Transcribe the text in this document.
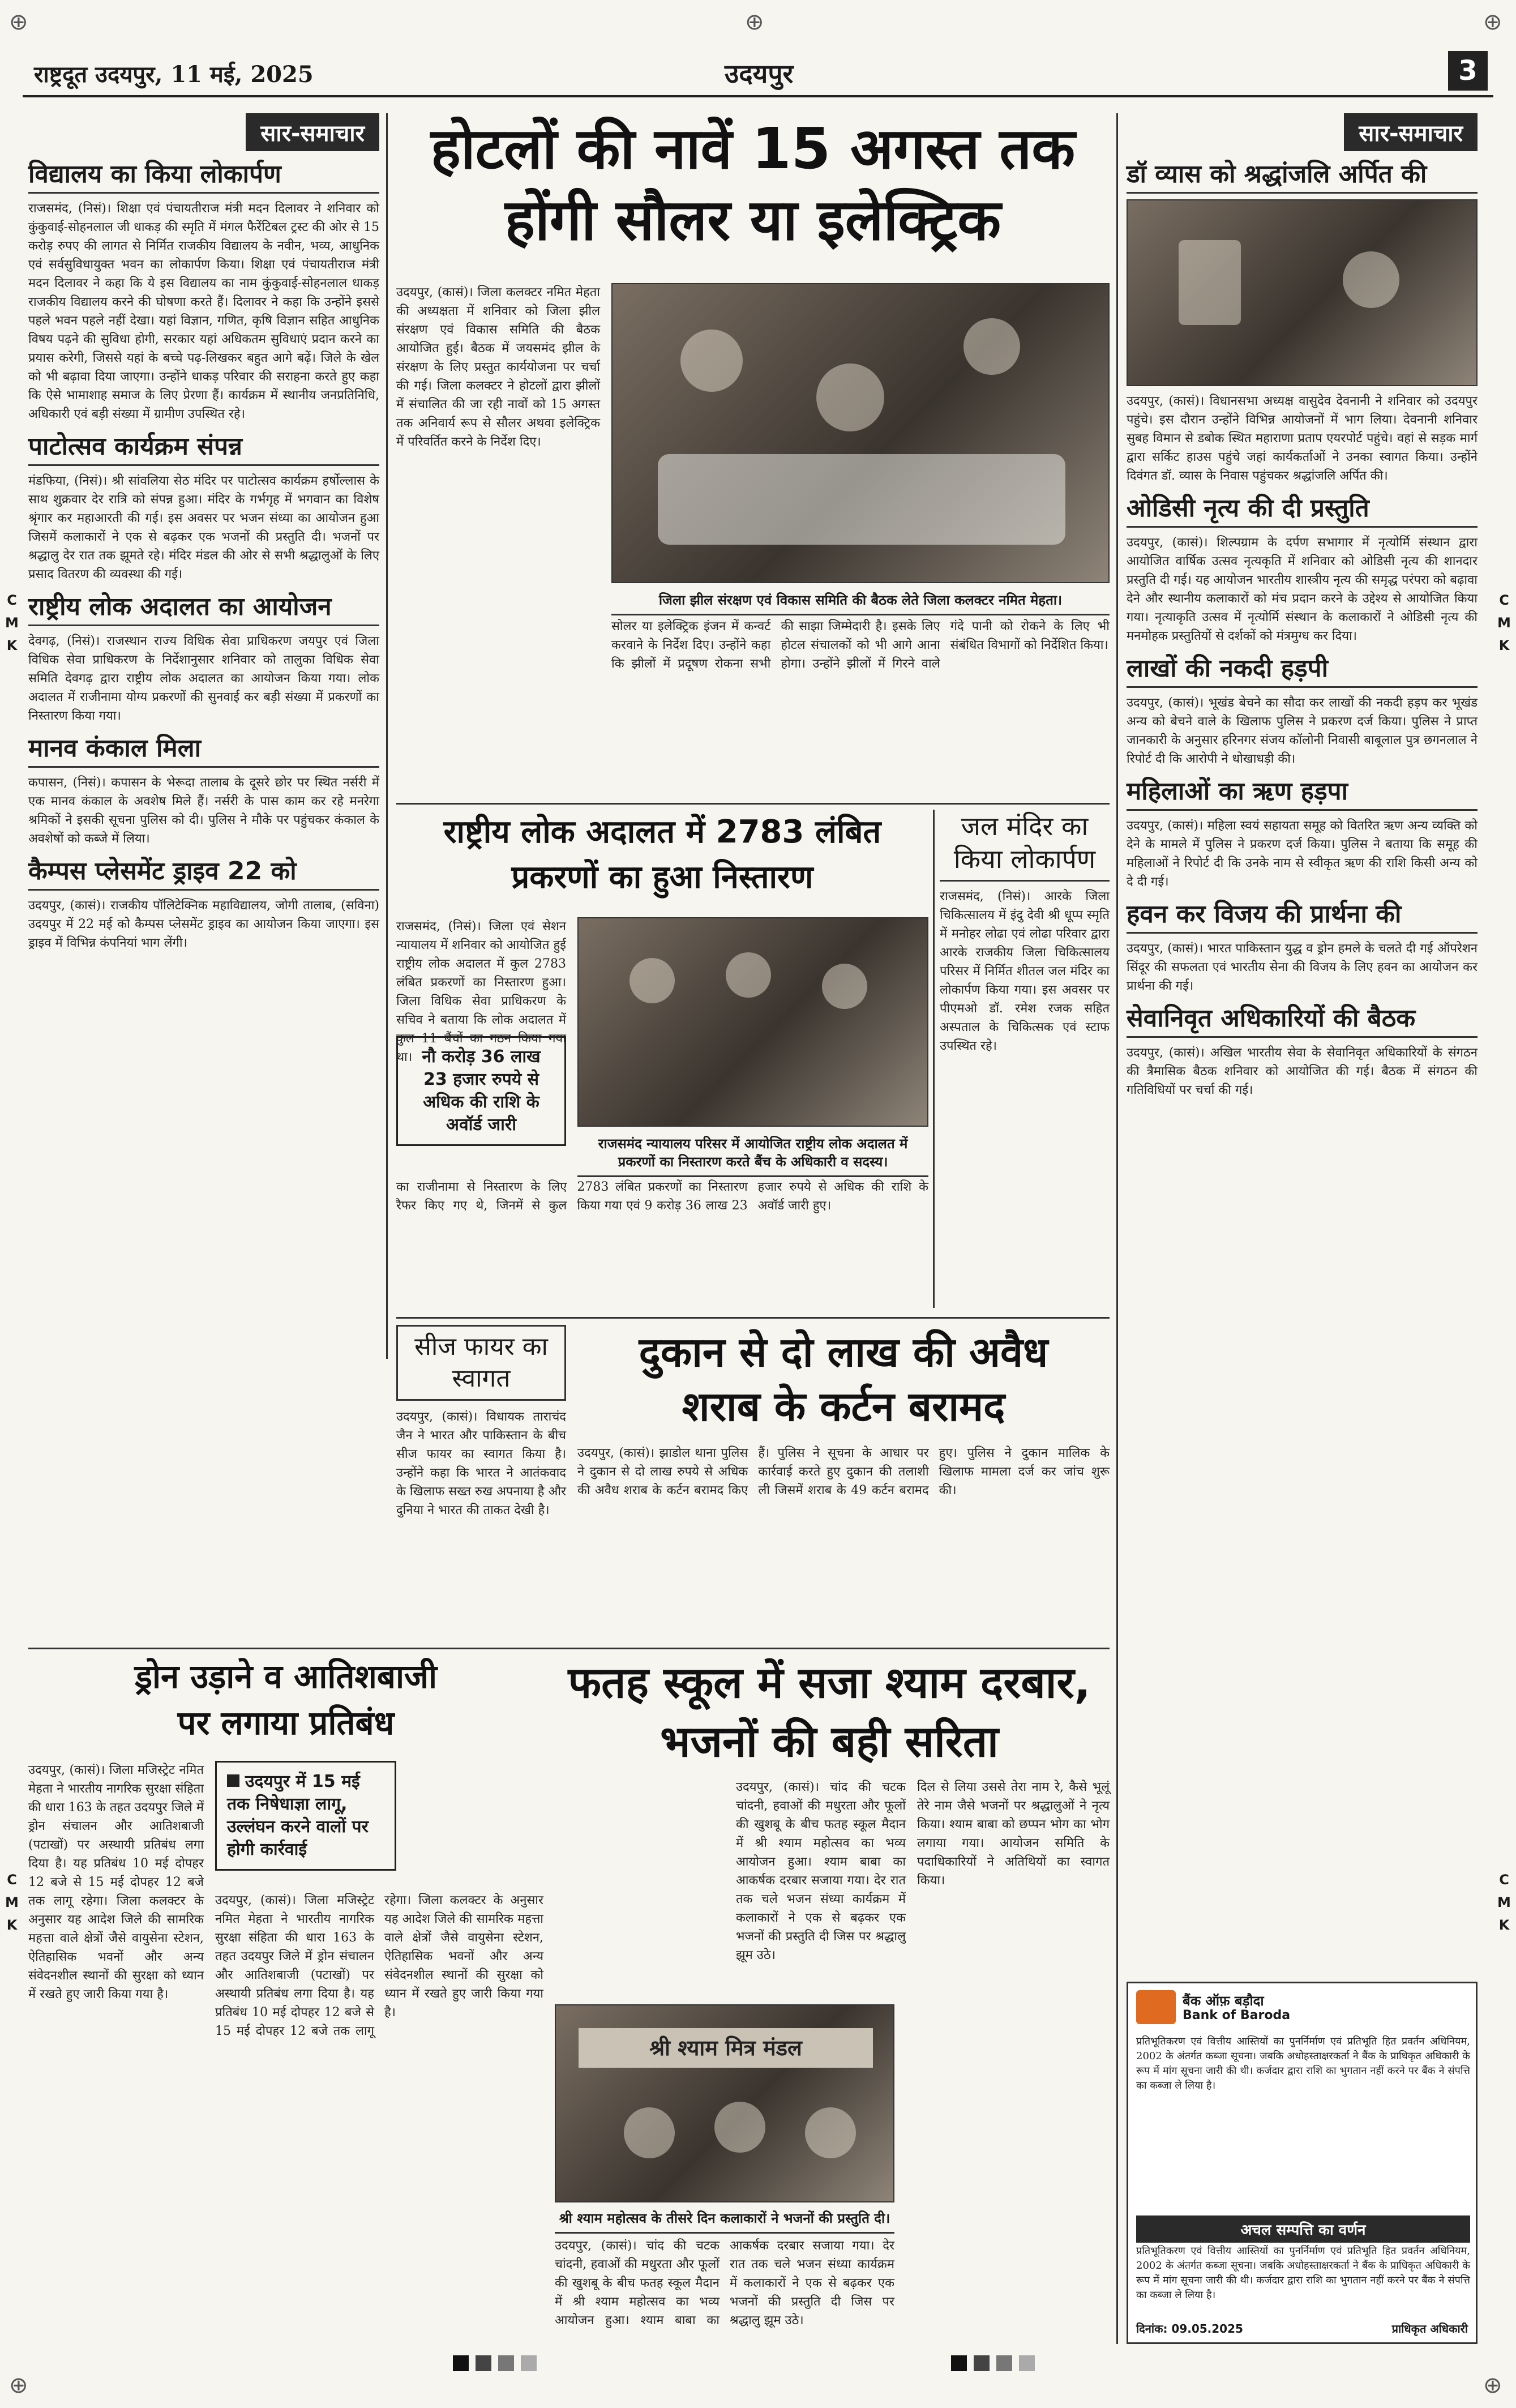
⊕	⊕	⊕
⊕	⊕
C
M
K
C
M
K
C
M
K
C
M
K
राष्ट्रदूत उदयपुर, 11 मई, 2025	उदयपुर	3
सार-समाचार
विद्यालय का किया लोकार्पण
राजसमंद, (निसं)। शिक्षा एवं पंचायतीराज मंत्री मदन दिलावर ने शनिवार को कुंकुवाई-सोहनलाल जी धाकड़ की स्मृति में मंगल फैरेंटिबल ट्रस्ट की ओर से 15 करोड़ रुपए की लागत से निर्मित राजकीय विद्यालय के नवीन, भव्य, आधुनिक एवं सर्वसुविधायुक्त भवन का लोकार्पण किया। शिक्षा एवं पंचायतीराज मंत्री मदन दिलावर ने कहा कि ये इस विद्यालय का नाम कुंकुवाई-सोहनलाल धाकड़ राजकीय विद्यालय करने की घोषणा करते हैं। दिलावर ने कहा कि उन्होंने इससे पहले भवन पहले नहीं देखा। यहां विज्ञान, गणित, कृषि विज्ञान सहित आधुनिक विषय पढ़ने की सुविधा होगी, सरकार यहां अधिकतम सुविधाएं प्रदान करने का प्रयास करेगी, जिससे यहां के बच्चे पढ़-लिखकर बहुत आगे बढ़ें। जिले के खेल को भी बढ़ावा दिया जाएगा। उन्होंने धाकड़ परिवार की सराहना करते हुए कहा कि ऐसे भामाशाह समाज के लिए प्रेरणा हैं। कार्यक्रम में स्थानीय जनप्रतिनिधि, अधिकारी एवं बड़ी संख्या में ग्रामीण उपस्थित रहे।
पाटोत्सव कार्यक्रम संपन्न
मंडफिया, (निसं)। श्री सांवलिया सेठ मंदिर पर पाटोत्सव कार्यक्रम हर्षोल्लास के साथ शुक्रवार देर रात्रि को संपन्न हुआ। मंदिर के गर्भगृह में भगवान का विशेष श्रृंगार कर महाआरती की गई। इस अवसर पर भजन संध्या का आयोजन हुआ जिसमें कलाकारों ने एक से बढ़कर एक भजनों की प्रस्तुति दी। भजनों पर श्रद्धालु देर रात तक झूमते रहे। मंदिर मंडल की ओर से सभी श्रद्धालुओं के लिए प्रसाद वितरण की व्यवस्था की गई।
राष्ट्रीय लोक अदालत का आयोजन
देवगढ़, (निसं)। राजस्थान राज्य विधिक सेवा प्राधिकरण जयपुर एवं जिला विधिक सेवा प्राधिकरण के निर्देशानुसार शनिवार को तालुका विधिक सेवा समिति देवगढ़ द्वारा राष्ट्रीय लोक अदालत का आयोजन किया गया। लोक अदालत में राजीनामा योग्य प्रकरणों की सुनवाई कर बड़ी संख्या में प्रकरणों का निस्तारण किया गया।
मानव कंकाल मिला
कपासन, (निसं)। कपासन के भेरूदा तालाब के दूसरे छोर पर स्थित नर्सरी में एक मानव कंकाल के अवशेष मिले हैं। नर्सरी के पास काम कर रहे मनरेगा श्रमिकों ने इसकी सूचना पुलिस को दी। पुलिस ने मौके पर पहुंचकर कंकाल के अवशेषों को कब्जे में लिया।
कैम्पस प्लेसमेंट ड्राइव 22 को
उदयपुर, (कासं)। राजकीय पॉलिटेक्निक महाविद्यालय, जोगी तालाब, (सविना) उदयपुर में 22 मई को कैम्पस प्लेसमेंट ड्राइव का आयोजन किया जाएगा। इस ड्राइव में विभिन्न कंपनियां भाग लेंगी।
होटलों की नावें 15 अगस्त तक
होंगी सौलर या इलेक्ट्रिक
उदयपुर, (कासं)। जिला कलक्टर नमित मेहता की अध्यक्षता में शनिवार को जिला झील संरक्षण एवं विकास समिति की बैठक आयोजित हुई। बैठक में जयसमंद झील के संरक्षण के लिए प्रस्तुत कार्ययोजना पर चर्चा की गई। जिला कलक्टर ने होटलों द्वारा झीलों में संचालित की जा रही नावों को 15 अगस्त तक अनिवार्य रूप से सौलर अथवा इलेक्ट्रिक में परिवर्तित करने के निर्देश दिए।
जिला झील संरक्षण एवं विकास समिति की बैठक लेते जिला कलक्टर नमित मेहता।
सोलर या इलेक्ट्रिक इंजन में कन्वर्ट करवाने के निर्देश दिए। उन्होंने कहा कि झीलों में प्रदूषण रोकना सभी की साझा जिम्मेदारी है। इसके लिए होटल संचालकों को भी आगे आना होगा। उन्होंने झीलों में गिरने वाले गंदे पानी को रोकने के लिए भी संबंधित विभागों को निर्देशित किया।
राष्ट्रीय लोक अदालत में 2783 लंबित
प्रकरणों का हुआ निस्तारण
राजसमंद, (निसं)। जिला एवं सेशन न्यायालय में शनिवार को आयोजित हुई राष्ट्रीय लोक अदालत में कुल 2783 लंबित प्रकरणों का निस्तारण हुआ। जिला विधिक सेवा प्राधिकरण के सचिव ने बताया कि लोक अदालत में कुल 11 बैंचों का गठन किया गया था। नौ करोड़ 36 लाख 23 हजार रुपये से अधिक की राशि के अवॉर्ड जारी
राजसमंद न्यायालय परिसर में आयोजित राष्ट्रीय लोक अदालत में प्रकरणों का निस्तारण करते बैंच के अधिकारी व सदस्य।
का राजीनामा से निस्तारण के लिए रैफर किए गए थे, जिनमें से कुल 2783 लंबित प्रकरणों का निस्तारण किया गया एवं 9 करोड़ 36 लाख 23 हजार रुपये से अधिक की राशि के अवॉर्ड जारी हुए।
जल मंदिर का
किया लोकार्पण
राजसमंद, (निसं)। आरके जिला चिकित्सालय में इंदु देवी श्री धूप्प स्मृति में मनोहर लोढा एवं लोढा परिवार द्वारा आरके राजकीय जिला चिकित्सालय परिसर में निर्मित शीतल जल मंदिर का लोकार्पण किया गया। इस अवसर पर पीएमओ डॉ. रमेश रजक सहित अस्पताल के चिकित्सक एवं स्टाफ उपस्थित रहे।
सीज फायर का स्वागत
उदयपुर, (कासं)। विधायक ताराचंद जैन ने भारत और पाकिस्तान के बीच सीज फायर का स्वागत किया है। उन्होंने कहा कि भारत ने आतंकवाद के खिलाफ सख्त रुख अपनाया है और दुनिया ने भारत की ताकत देखी है।
दुकान से दो लाख की अवैध
शराब के कर्टन बरामद
उदयपुर, (कासं)। झाडोल थाना पुलिस ने दुकान से दो लाख रुपये से अधिक की अवैध शराब के कर्टन बरामद किए हैं। पुलिस ने सूचना के आधार पर कार्रवाई करते हुए दुकान की तलाशी ली जिसमें शराब के 49 कर्टन बरामद हुए। पुलिस ने दुकान मालिक के खिलाफ मामला दर्ज कर जांच शुरू की।
ड्रोन उड़ाने व आतिशबाजी
पर लगाया प्रतिबंध
उदयपुर में 15 मई तक निषेधाज्ञा लागू, उल्लंघन करने वालों पर होगी कार्रवाई
उदयपुर, (कासं)। जिला मजिस्ट्रेट नमित मेहता ने भारतीय नागरिक सुरक्षा संहिता की धारा 163 के तहत उदयपुर जिले में ड्रोन संचालन और आतिशबाजी (पटाखों) पर अस्थायी प्रतिबंध लगा दिया है। यह प्रतिबंध 10 मई दोपहर 12 बजे से 15 मई दोपहर 12 बजे तक लागू रहेगा। जिला कलक्टर के अनुसार यह आदेश जिले की सामरिक महत्ता वाले क्षेत्रों जैसे वायुसेना स्टेशन, ऐतिहासिक भवनों और अन्य संवेदनशील स्थानों की सुरक्षा को ध्यान में रखते हुए जारी किया गया है।
उदयपुर, (कासं)। जिला मजिस्ट्रेट नमित मेहता ने भारतीय नागरिक सुरक्षा संहिता की धारा 163 के तहत उदयपुर जिले में ड्रोन संचालन और आतिशबाजी (पटाखों) पर अस्थायी प्रतिबंध लगा दिया है। यह प्रतिबंध 10 मई दोपहर 12 बजे से 15 मई दोपहर 12 बजे तक लागू रहेगा। जिला कलक्टर के अनुसार यह आदेश जिले की सामरिक महत्ता वाले क्षेत्रों जैसे वायुसेना स्टेशन, ऐतिहासिक भवनों और अन्य संवेदनशील स्थानों की सुरक्षा को ध्यान में रखते हुए जारी किया गया है।
फतह स्कूल में सजा श्याम दरबार,
भजनों की बही सरिता
उदयपुर, (कासं)। चांद की चटक चांदनी, हवाओं की मधुरता और फूलों की खुशबू के बीच फतह स्कूल मैदान में श्री श्याम महोत्सव का भव्य आयोजन हुआ। श्याम बाबा का आकर्षक दरबार सजाया गया। देर रात तक चले भजन संध्या कार्यक्रम में कलाकारों ने एक से बढ़कर एक भजनों की प्रस्तुति दी जिस पर श्रद्धालु झूम उठे।
श्री श्याम मित्र मंडल
श्री श्याम महोत्सव के तीसरे दिन कलाकारों ने भजनों की प्रस्तुति दी।
दिल से लिया उससे तेरा नाम रे, कैसे भूलूं तेरे नाम जैसे भजनों पर श्रद्धालुओं ने नृत्य किया। श्याम बाबा को छप्पन भोग का भोग लगाया गया। आयोजन समिति के पदाधिकारियों ने अतिथियों का स्वागत किया।
उदयपुर, (कासं)। चांद की चटक चांदनी, हवाओं की मधुरता और फूलों की खुशबू के बीच फतह स्कूल मैदान में श्री श्याम महोत्सव का भव्य आयोजन हुआ। श्याम बाबा का आकर्षक दरबार सजाया गया। देर रात तक चले भजन संध्या कार्यक्रम में कलाकारों ने एक से बढ़कर एक भजनों की प्रस्तुति दी जिस पर श्रद्धालु झूम उठे।
सार-समाचार
डॉ व्यास को श्रद्धांजलि अर्पित की
उदयपुर, (कासं)। विधानसभा अध्यक्ष वासुदेव देवनानी ने शनिवार को उदयपुर पहुंचे। इस दौरान उन्होंने विभिन्न आयोजनों में भाग लिया। देवनानी शनिवार सुबह विमान से डबोक स्थित महाराणा प्रताप एयरपोर्ट पहुंचे। वहां से सड़क मार्ग द्वारा सर्किट हाउस पहुंचे जहां कार्यकर्ताओं ने उनका स्वागत किया। उन्होंने दिवंगत डॉ. व्यास के निवास पहुंचकर श्रद्धांजलि अर्पित की।
ओडिसी नृत्य की दी प्रस्तुति
उदयपुर, (कासं)। शिल्पग्राम के दर्पण सभागार में नृत्योर्मि संस्थान द्वारा आयोजित वार्षिक उत्सव नृत्यकृति में शनिवार को ओडिसी नृत्य की शानदार प्रस्तुति दी गई। यह आयोजन भारतीय शास्त्रीय नृत्य की समृद्ध परंपरा को बढ़ावा देने और स्थानीय कलाकारों को मंच प्रदान करने के उद्देश्य से आयोजित किया गया। नृत्याकृति उत्सव में नृत्योर्मि संस्थान के कलाकारों ने ओडिसी नृत्य की मनमोहक प्रस्तुतियों से दर्शकों को मंत्रमुग्ध कर दिया।
लाखों की नकदी हड़पी
उदयपुर, (कासं)। भूखंड बेचने का सौदा कर लाखों की नकदी हड़प कर भूखंड अन्य को बेचने वाले के खिलाफ पुलिस ने प्रकरण दर्ज किया। पुलिस ने प्राप्त जानकारी के अनुसार हरिनगर संजय कॉलोनी निवासी बाबूलाल पुत्र छगनलाल ने रिपोर्ट दी कि आरोपी ने धोखाधड़ी की।
महिलाओं का ऋण हड़पा
उदयपुर, (कासं)। महिला स्वयं सहायता समूह को वितरित ऋण अन्य व्यक्ति को देने के मामले में पुलिस ने प्रकरण दर्ज किया। पुलिस ने बताया कि समूह की महिलाओं ने रिपोर्ट दी कि उनके नाम से स्वीकृत ऋण की राशि किसी अन्य को दे दी गई।
हवन कर विजय की प्रार्थना की
उदयपुर, (कासं)। भारत पाकिस्तान युद्ध व ड्रोन हमले के चलते दी गई ऑपरेशन सिंदूर की सफलता एवं भारतीय सेना की विजय के लिए हवन का आयोजन कर प्रार्थना की गई।
सेवानिवृत अधिकारियों की बैठक
उदयपुर, (कासं)। अखिल भारतीय सेवा के सेवानिवृत अधिकारियों के संगठन की त्रैमासिक बैठक शनिवार को आयोजित की गई। बैठक में संगठन की गतिविधियों पर चर्चा की गई।
बैंक ऑफ़ बड़ौदा
Bank of Baroda
प्रतिभूतिकरण एवं वित्तीय आस्तियों का पुनर्निर्माण एवं प्रतिभूति हित प्रवर्तन अधिनियम, 2002 के अंतर्गत कब्जा सूचना। जबकि अधोहस्ताक्षरकर्ता ने बैंक के प्राधिकृत अधिकारी के रूप में मांग सूचना जारी की थी। कर्जदार द्वारा राशि का भुगतान नहीं करने पर बैंक ने संपत्ति का कब्जा ले लिया है।
अचल सम्पत्ति का वर्णन
प्रतिभूतिकरण एवं वित्तीय आस्तियों का पुनर्निर्माण एवं प्रतिभूति हित प्रवर्तन अधिनियम, 2002 के अंतर्गत कब्जा सूचना। जबकि अधोहस्ताक्षरकर्ता ने बैंक के प्राधिकृत अधिकारी के रूप में मांग सूचना जारी की थी। कर्जदार द्वारा राशि का भुगतान नहीं करने पर बैंक ने संपत्ति का कब्जा ले लिया है।
दिनांक: 09.05.2025	प्राधिकृत अधिकारी
